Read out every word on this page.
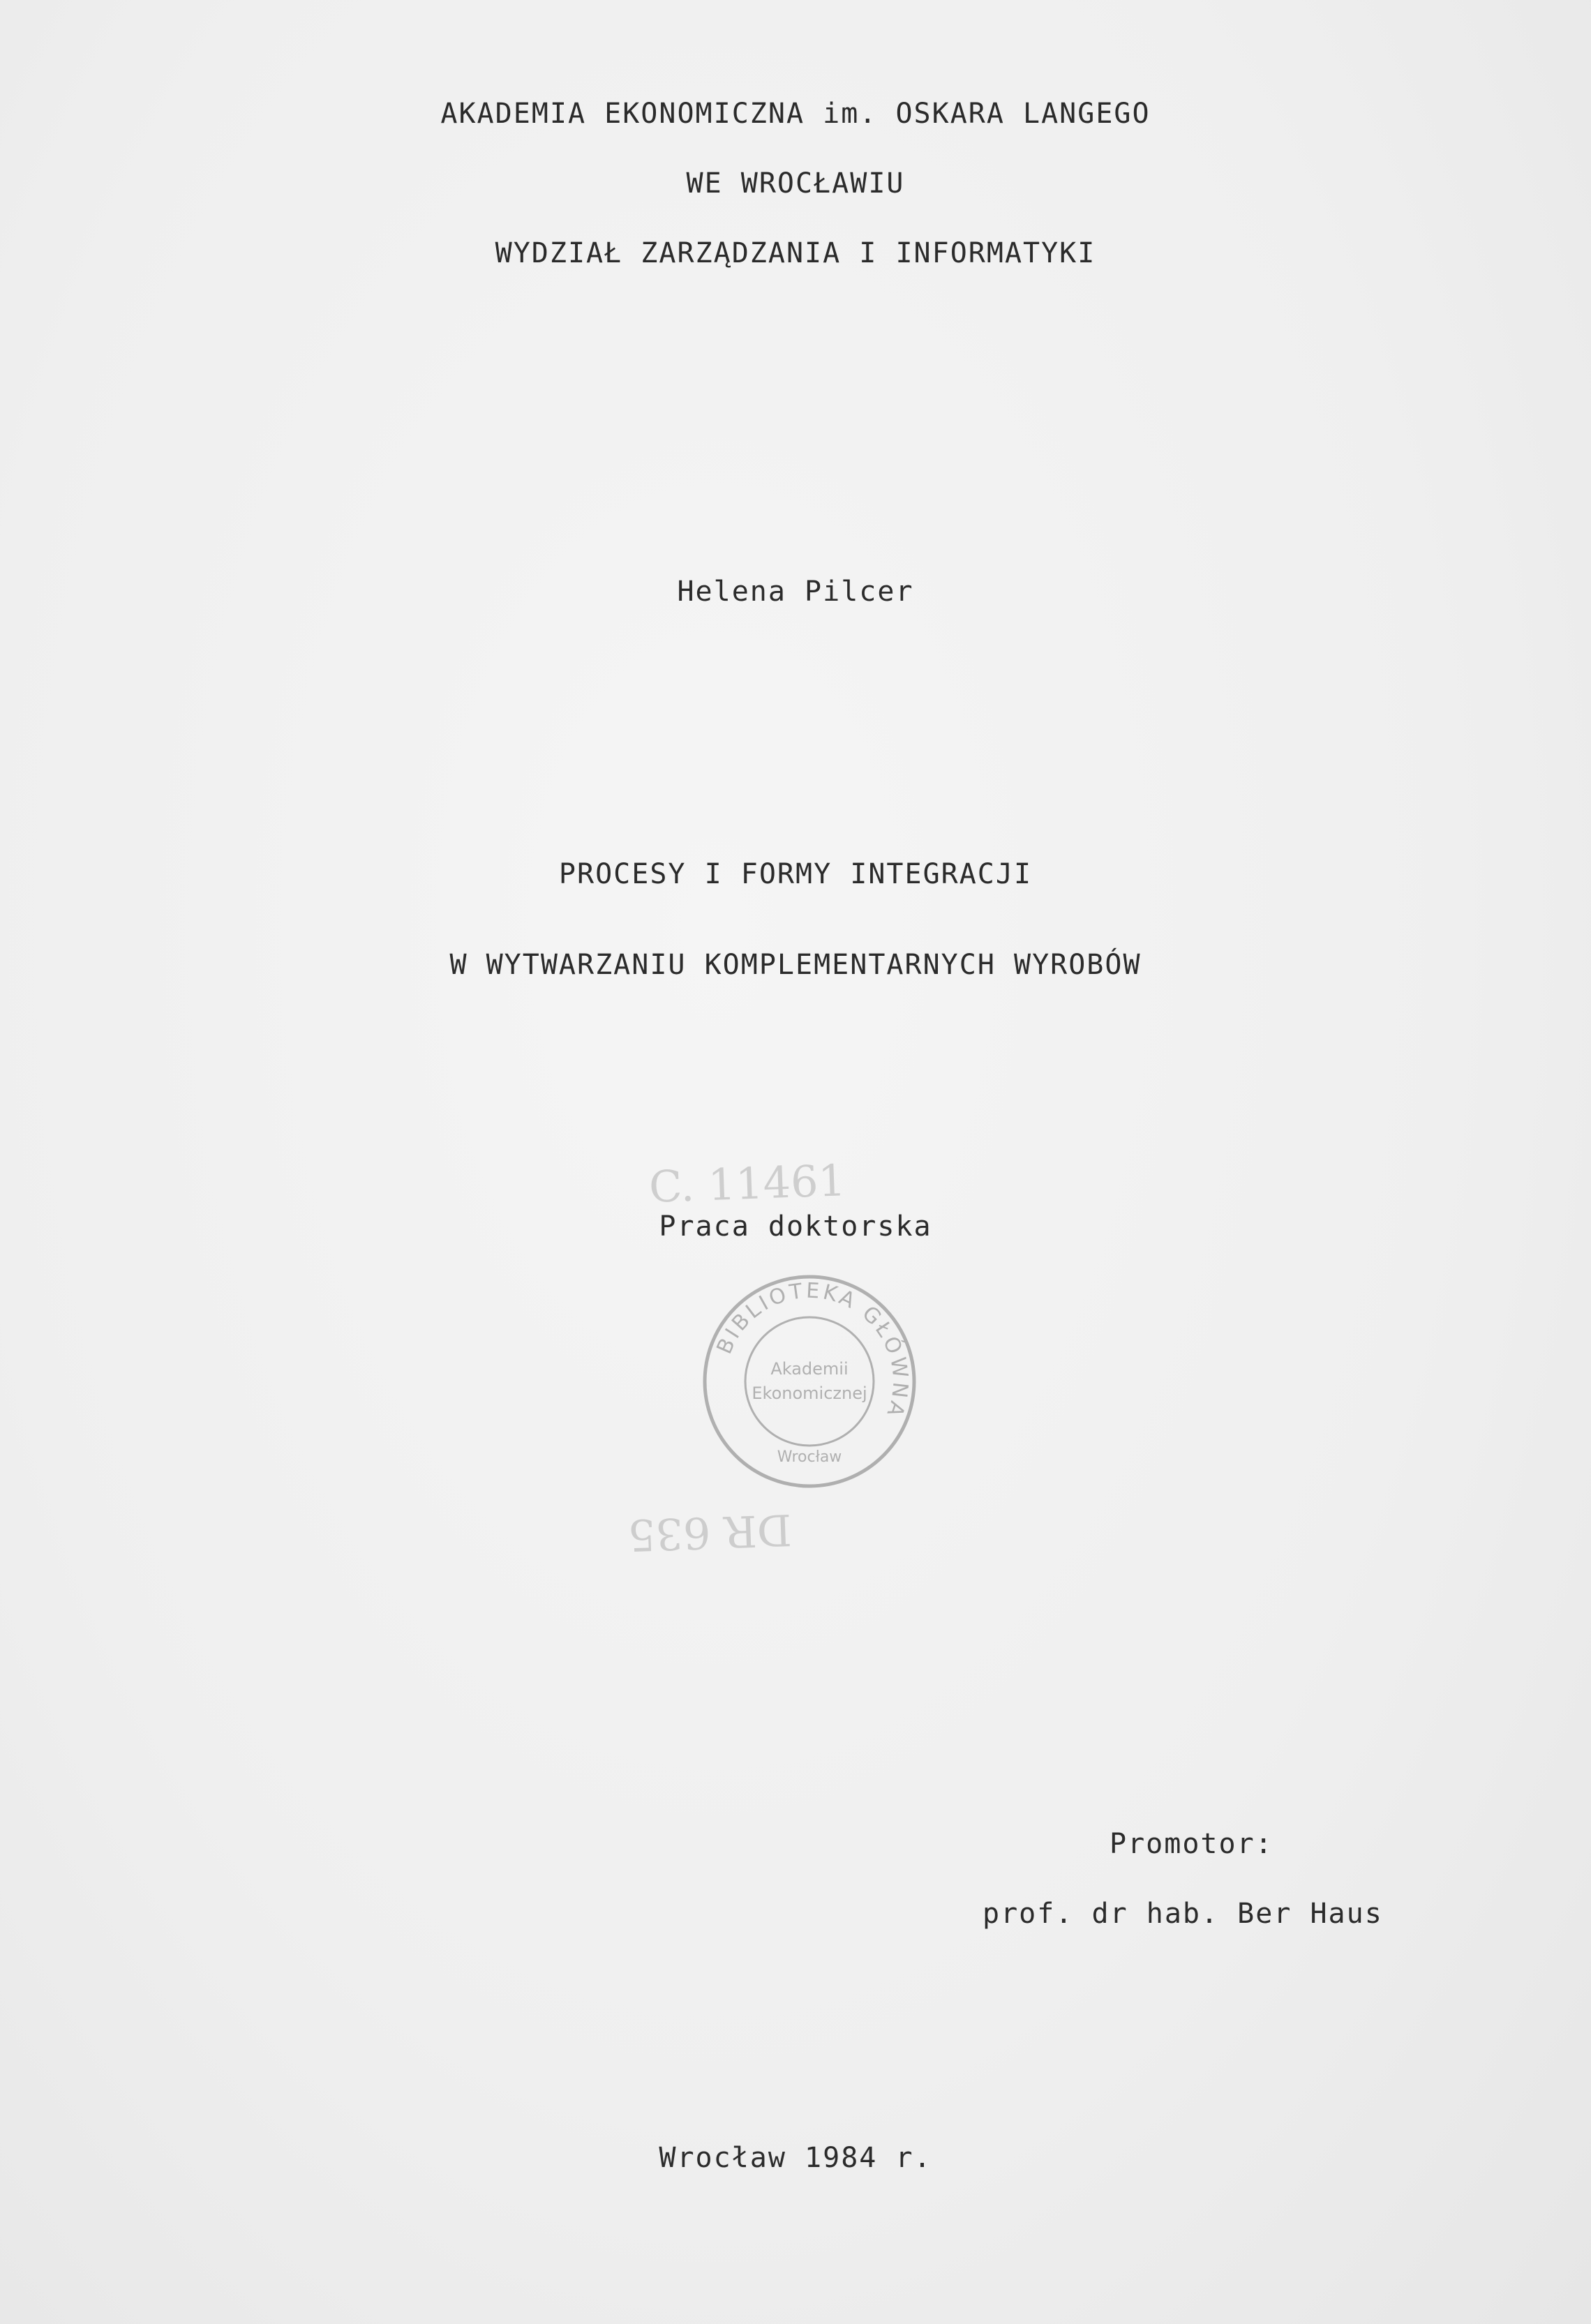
AKADEMIA EKONOMICZNA im. OSKARA LANGEGO
WE WROCŁAWIU
WYDZIAŁ ZARZĄDZANIA I INFORMATYKI
Helena Pilcer
PROCESY I FORMY INTEGRACJI
W WYTWARZANIU KOMPLEMENTARNYCH WYROBÓW
C. 11461
Praca doktorska
BIBLIOTEKA GŁÓWNA
Akademii
Ekonomicznej
Wrocław
DR 635
Promotor:
prof. dr hab. Ber Haus
Wrocław 1984 r.
